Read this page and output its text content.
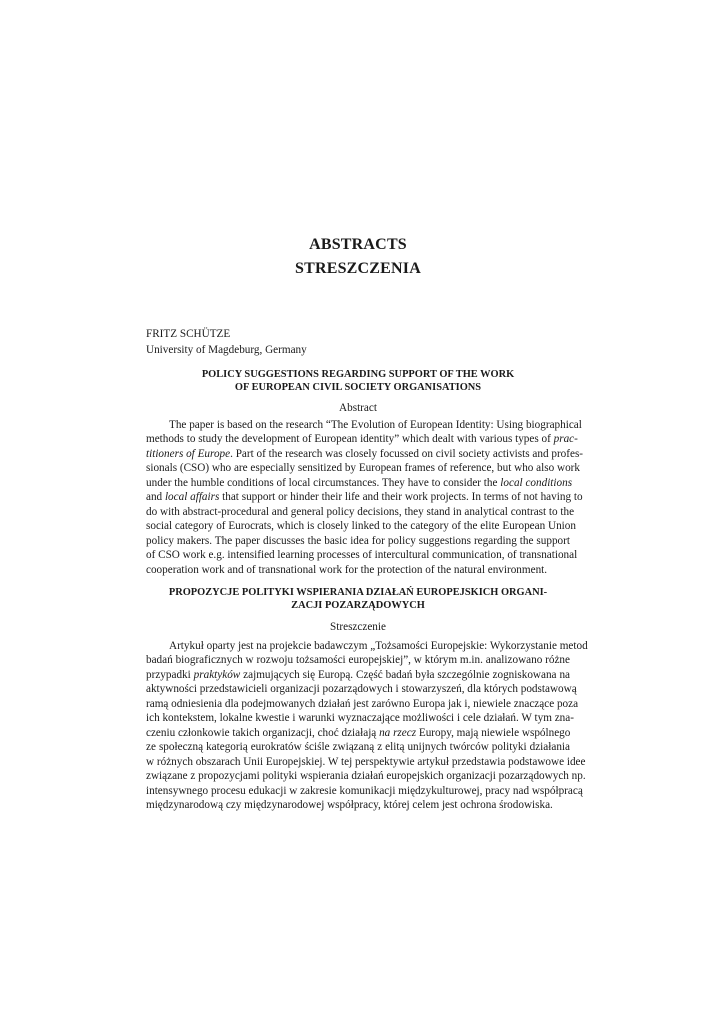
ABSTRACTS
STRESZCZENIA
FRITZ SCHÜTZE
University of Magdeburg, Germany
POLICY SUGGESTIONS REGARDING SUPPORT OF THE WORK
OF EUROPEAN CIVIL SOCIETY ORGANISATIONS
Abstract
The paper is based on the research “The Evolution of European Identity: Using biographical
methods to study the development of European identity” which dealt with various types of prac-
titioners of Europe. Part of the research was closely focussed on civil society activists and profes-
sionals (CSO) who are especially sensitized by European frames of reference, but who also work
under the humble conditions of local circumstances. They have to consider the local conditions
and local affairs that support or hinder their life and their work projects. In terms of not having to
do with abstract-procedural and general policy decisions, they stand in analytical contrast to the
social category of Eurocrats, which is closely linked to the category of the elite European Union
policy makers. The paper discusses the basic idea for policy suggestions regarding the support
of CSO work e.g. intensified learning processes of intercultural communication, of transnational
cooperation work and of transnational work for the protection of the natural environment.
PROPOZYCJE POLITYKI WSPIERANIA DZIAŁAŃ EUROPEJSKICH ORGANI-
ZACJI POZARZĄDOWYCH
Streszczenie
Artykuł oparty jest na projekcie badawczym „Tożsamości Europejskie: Wykorzystanie metod
badań biograficznych w rozwoju tożsamości europejskiej”, w którym m.in. analizowano różne
przypadki praktyków zajmujących się Europą. Część badań była szczególnie zogniskowana na
aktywności przedstawicieli organizacji pozarządowych i stowarzyszeń, dla których podstawową
ramą odniesienia dla podejmowanych działań jest zarówno Europa jak i, niewiele znaczące poza
ich kontekstem, lokalne kwestie i warunki wyznaczające możliwości i cele działań. W tym zna-
czeniu członkowie takich organizacji, choć działają na rzecz Europy, mają niewiele wspólnego
ze społeczną kategorią eurokratów ściśle związaną z elitą unijnych twórców polityki działania
w różnych obszarach Unii Europejskiej. W tej perspektywie artykuł przedstawia podstawowe idee
związane z propozycjami polityki wspierania działań europejskich organizacji pozarządowych np.
intensywnego procesu edukacji w zakresie komunikacji międzykulturowej, pracy nad współpracą
międzynarodową czy międzynarodowej współpracy, której celem jest ochrona środowiska.
